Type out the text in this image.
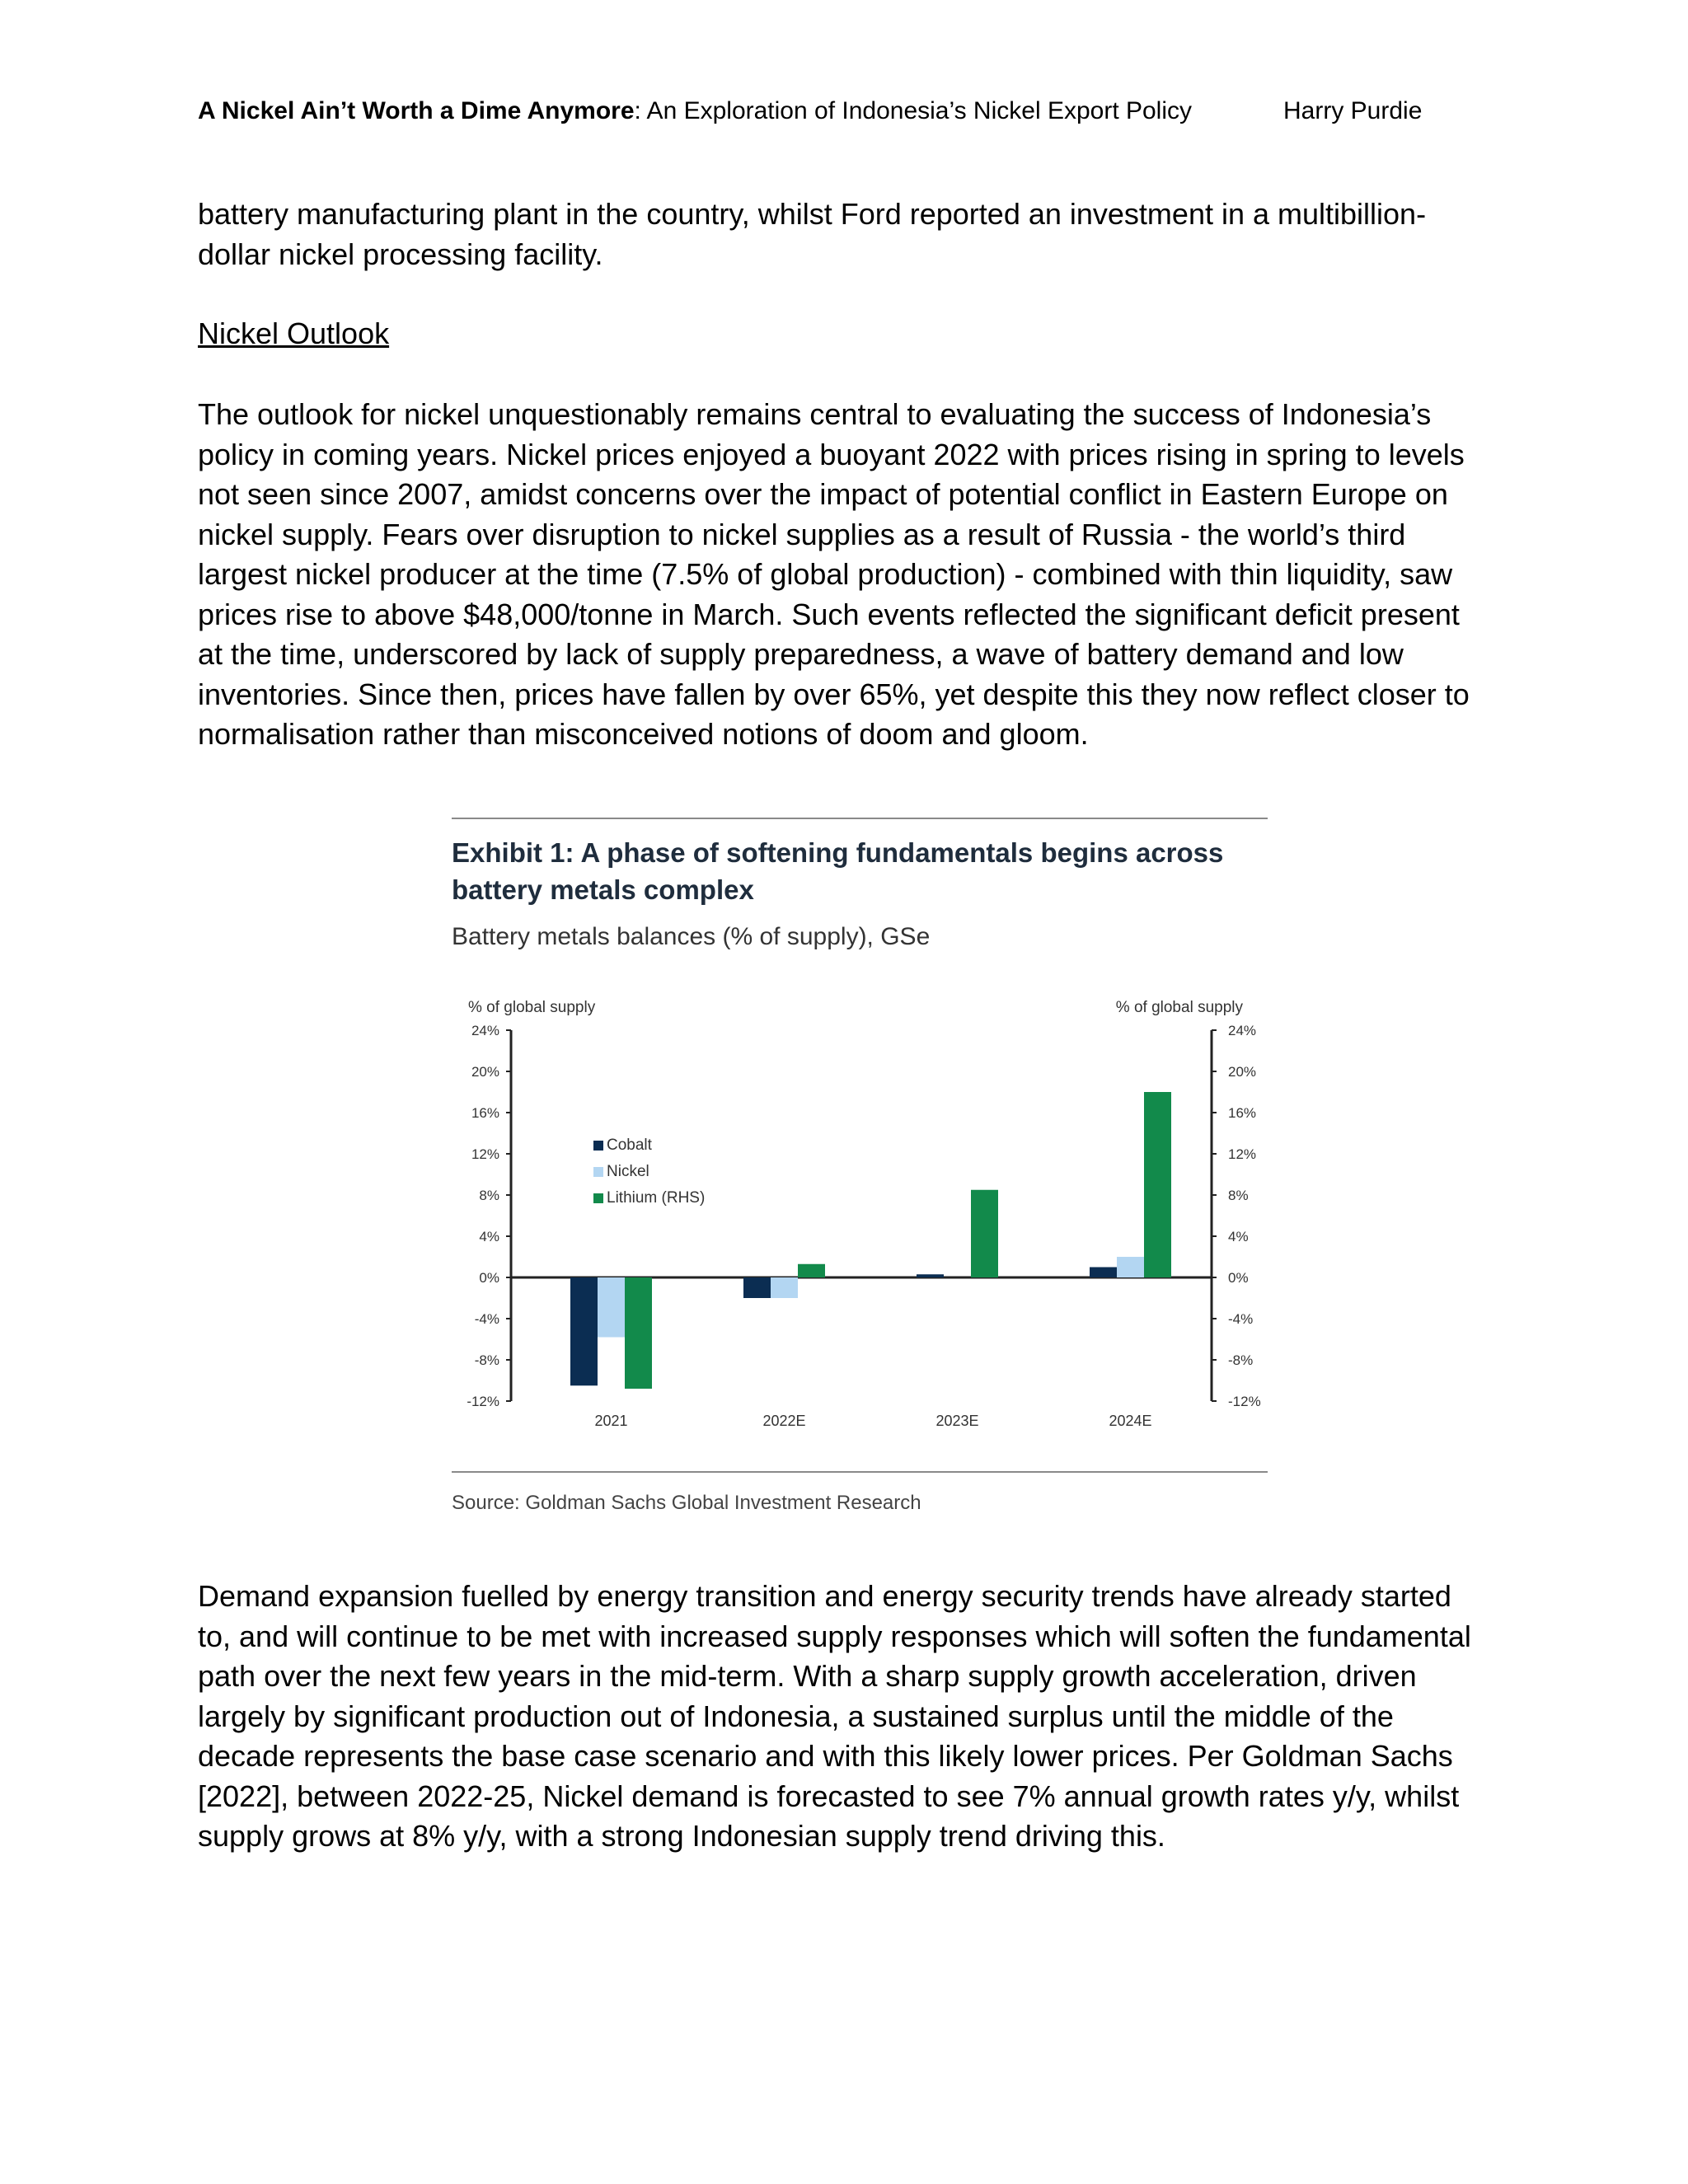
A Nickel Ain’t Worth a Dime Anymore: An Exploration of Indonesia’s Nickel Export Policy	Harry Purdie

battery manufacturing plant in the country, whilst Ford reported an investment in a multibillion-dollar nickel processing facility.

Nickel Outlook

The outlook for nickel unquestionably remains central to evaluating the success of Indonesia’s policy in coming years. Nickel prices enjoyed a buoyant 2022 with prices rising in spring to levels not seen since 2007, amidst concerns over the impact of potential conflict in Eastern Europe on nickel supply. Fears over disruption to nickel supplies as a result of Russia - the world’s third largest nickel producer at the time (7.5% of global production) - combined with thin liquidity, saw prices rise to above $48,000/tonne in March. Such events reflected the significant deficit present at the time, underscored by lack of supply preparedness, a wave of battery demand and low inventories. Since then, prices have fallen by over 65%, yet despite this they now reflect closer to normalisation rather than misconceived notions of doom and gloom.

Exhibit 1: A phase of softening fundamentals begins across battery metals complex
Battery metals balances (% of supply), GSe
% of global supply	% of global supply
24%
20%
16%
12%
8%
4%
0%
-4%
-8%
-12%
24%
20%
16%
12%
8%
4%
0%
-4%
-8%
-12%
2021	2022E	2023E	2024E
Cobalt
Nickel
Lithium (RHS)
Source: Goldman Sachs Global Investment Research

Demand expansion fuelled by energy transition and energy security trends have already started to, and will continue to be met with increased supply responses which will soften the fundamental path over the next few years in the mid-term. With a sharp supply growth acceleration, driven largely by significant production out of Indonesia, a sustained surplus until the middle of the decade represents the base case scenario and with this likely lower prices. Per Goldman Sachs [2022], between 2022-25, Nickel demand is forecasted to see 7% annual growth rates y/y, whilst supply grows at 8% y/y, with a strong Indonesian supply trend driving this.
